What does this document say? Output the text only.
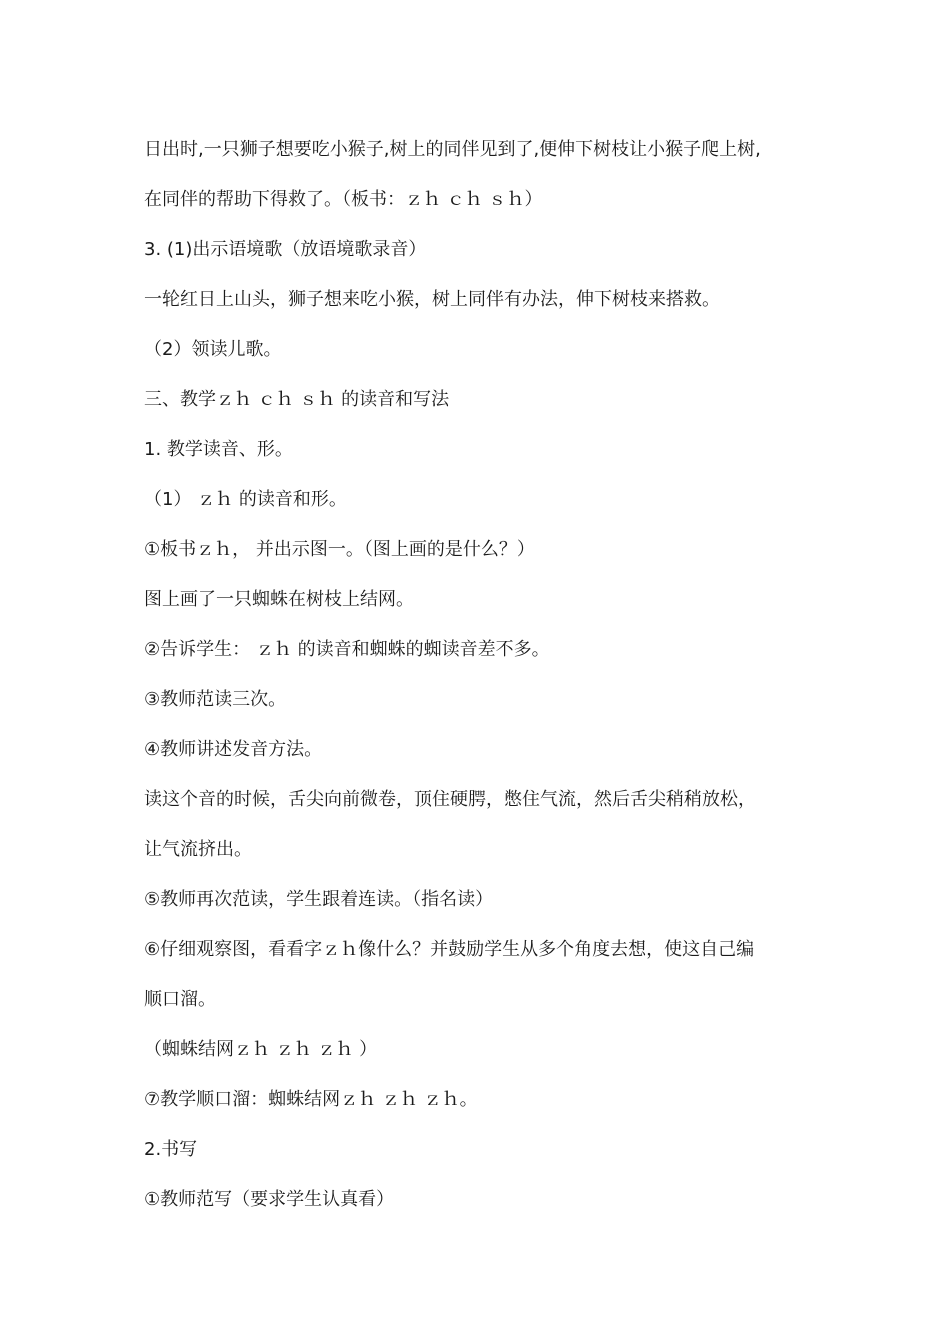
日出时,一只狮子想要吃小猴子,树上的同伴见到了,便伸下树枝让小猴子爬上树,
在同伴的帮助下得救了。（板书：ｚｈ ｃｈ ｓｈ）
3. (1)出示语境歌（放语境歌录音）
一轮红日上山头，狮子想来吃小猴，树上同伴有办法，伸下树枝来搭救。
（2）领读儿歌。
三、教学ｚｈ ｃｈ ｓｈ 的读音和写法
1. 教学读音、形。
（1） ｚｈ 的读音和形。
①板书ｚｈ， 并出示图一。（图上画的是什么？）
图上画了一只蜘蛛在树枝上结网。
②告诉学生： ｚｈ 的读音和蜘蛛的蜘读音差不多。
③教师范读三次。
④教师讲述发音方法。
读这个音的时候，舌尖向前微卷，顶住硬腭，憋住气流，然后舌尖稍稍放松，
让气流挤出。
⑤教师再次范读，学生跟着连读。（指名读）
⑥仔细观察图，看看字ｚｈ像什么？并鼓励学生从多个角度去想，使这自己编
顺口溜。
（蜘蛛结网ｚｈ ｚｈ ｚｈ ）
⑦教学顺口溜：蜘蛛结网ｚｈ ｚｈ ｚｈ。
2.书写
①教师范写（要求学生认真看）
